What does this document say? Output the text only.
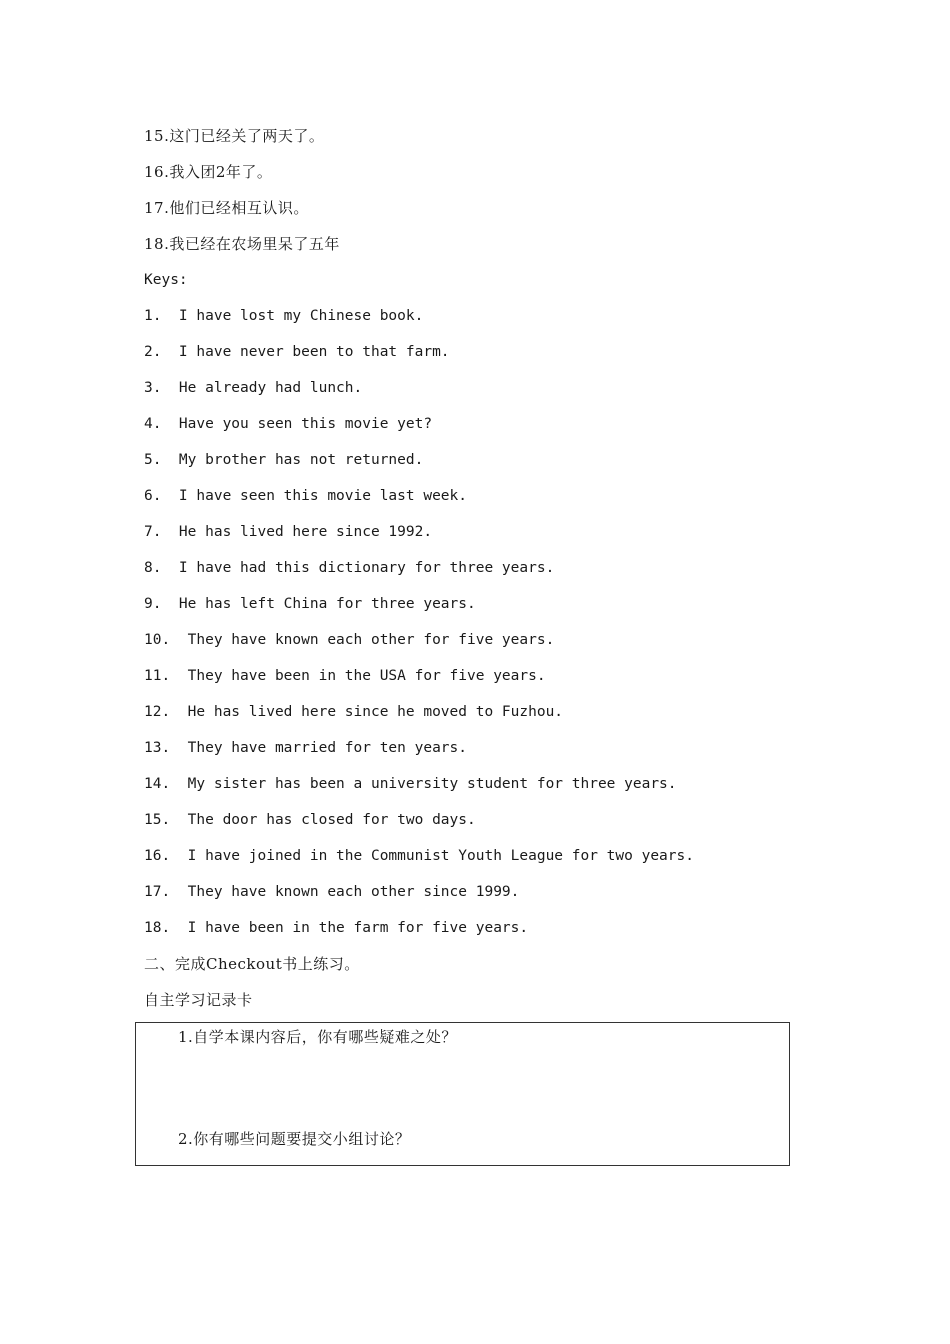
15.这门已经关了两天了。
16.我入团2年了。
17.他们已经相互认识。
18.我已经在农场里呆了五年
Keys:
1.  I have lost my Chinese book.
2.  I have never been to that farm.
3.  He already had lunch.
4.  Have you seen this movie yet?
5.  My brother has not returned.
6.  I have seen this movie last week.
7.  He has lived here since 1992.
8.  I have had this dictionary for three years.
9.  He has left China for three years.
10.  They have known each other for five years.
11.  They have been in the USA for five years.
12.  He has lived here since he moved to Fuzhou.
13.  They have married for ten years.
14.  My sister has been a university student for three years.
15.  The door has closed for two days.
16.  I have joined in the Communist Youth League for two years.
17.  They have known each other since 1999.
18.  I have been in the farm for five years.
二、完成Checkout书上练习。
自主学习记录卡
1.自学本课内容后，你有哪些疑难之处？
2.你有哪些问题要提交小组讨论？
